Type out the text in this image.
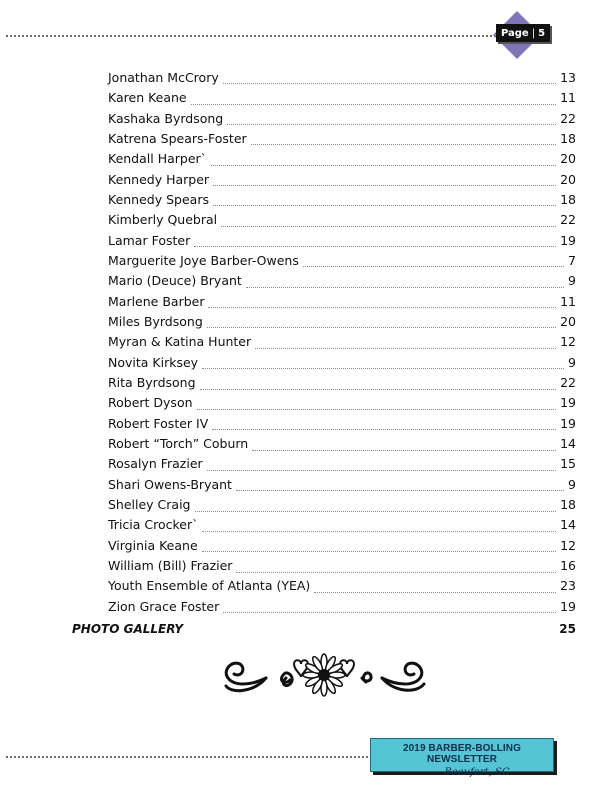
Page | 5
Jonathan McCrory	13
Karen Keane	11
Kashaka Byrdsong	22
Katrena Spears-Foster	18
Kendall Harper`	20
Kennedy Harper	20
Kennedy Spears	18
Kimberly Quebral	22
Lamar Foster	19
Marguerite Joye Barber-Owens	7
Mario (Deuce) Bryant	9
Marlene Barber	11
Miles Byrdsong	20
Myran & Katina Hunter	12
Novita Kirksey	9
Rita Byrdsong	22
Robert Dyson	19
Robert Foster IV	19
Robert “Torch” Coburn	14
Rosalyn Frazier	15
Shari Owens-Bryant	9
Shelley Craig	18
Tricia Crocker`	14
Virginia Keane	12
William (Bill) Frazier	16
Youth Ensemble of Atlanta (YEA)	23
Zion Grace Foster	19
PHOTO GALLERY	25
2019 BARBER-BOLLING NEWSLETTER
Beaufort, SC
